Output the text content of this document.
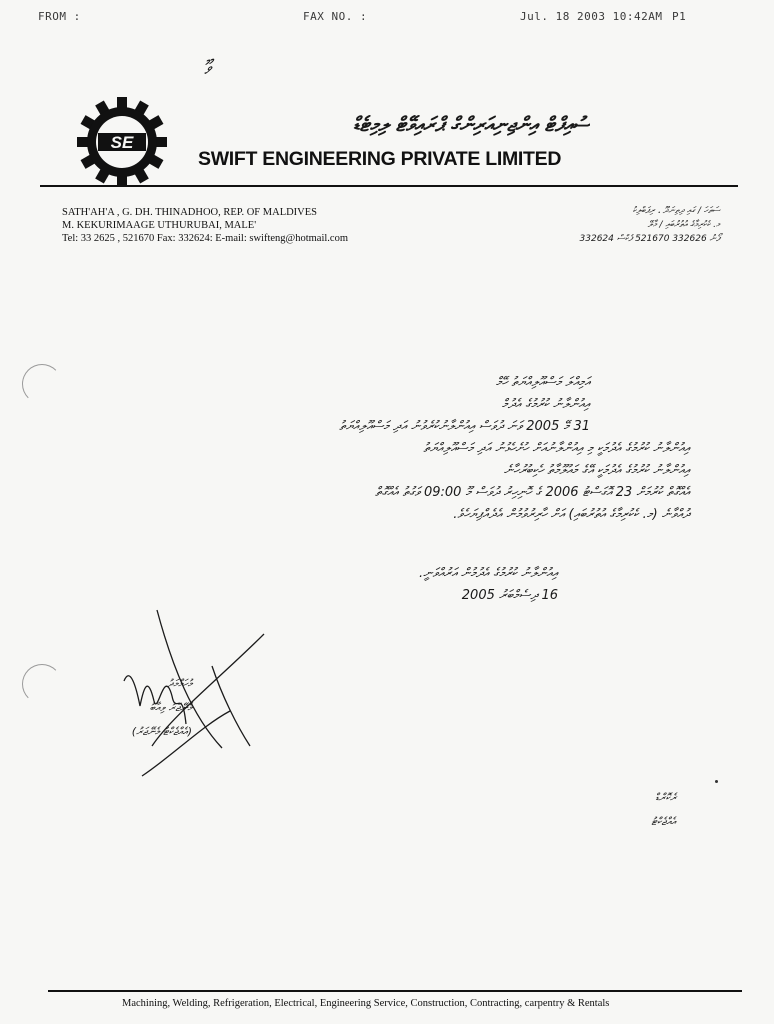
FROM :	FAX NO. :	Jul. 18 2003 10:42AM P1
ވޫ
SE
ސުއިފްޓް އިންޖިނިއަރިންގް ޕްރައިވޭޓް ލިމިޓެޑް
SWIFT ENGINEERING PRIVATE LIMITED
SATH'AH'A , G. DH. THINADHOO, REP. OF MALDIVES
M. KEKURIMAAGE UTHURUBAI, MALE'
Tel: 33 2625 , 521670 Fax: 332624: E-mail: swifteng@hotmail.com
ސަތަހަ / ގައި ދިތިނަދޫ ، ރިޕަބްލިކު
މ. ކެކުރިމާގެ އުތުރުބައި / މާލޭ
ފޯނު 332626 521670 ފެކްސް 332624
އަމިއްލަ މަސްއޫލިއްޔަތު ހޭމް
އިއުންލާނު ކުރުމުގެ އެދުމް
31 މޭ 2005 ވަނަ ދުވަސް އިއުންލާނުކުރެވުނު އަދި މަސްއޫލިއްޔަތު
އިއުންލާނު ކުރުމުގެ އެދުމަކީ މި އިއުންލާނުއަށް ހުށެހެޅުނު އަދި މަސްއޫލިއްޔަތު
އިއުންލާނު ކުރުމުގެ އެދުމަކީ އޭގެ މައުލޫމާތު ހެކިބުރުހާނެ
އެއްގޮތް ކުރުމަށް 23 އޮގަސްޓު 2006 ގެ ހޮނިހިރު ދުވަސް މޫ 09:00 ވަގުތު އެއްގޮތް
ދުއްވާނެ (މ. ކެކުރިމާގެ އުތުރުބައި) އަށް ހާރިރުވުމުން އެދެއްޕިޔަހެވެ.
އިއުންލާނު ކުރުމުގެ އެދުމުން އަރުއްވަނީ.
16 ދިސެމްބަރު 2005
މުހަމްމަދު
މެނޭޖަރު ވިއާބު
(އެއްޖެކްޓު މެނޭޖަރު)
ރެކޮރްޑް
އެއްޖެކްޓު
Machining, Welding, Refrigeration, Electrical, Engineering Service, Construction, Contracting, carpentry & Rentals
